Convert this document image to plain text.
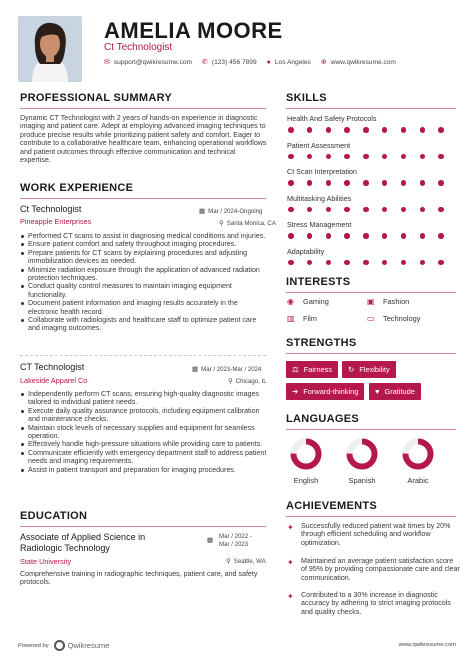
AMELIA MOORE
Ct Technologist
✉ support@qwikresume.com ✆ (123) 456 7899 ● Los Angeles ⊕ www.qwikresume.com
PROFESSIONAL SUMMARY
Dynamic CT Technologist with 2 years of hands-on experience in diagnostic imaging and patient care. Adept at employing advanced imaging techniques to produce precise results while prioritizing patient safety and comfort. Eager to contribute to a collaborative healthcare team, enhancing operational workflows and patient outcomes through effective communication and technical expertise.
WORK EXPERIENCE
Ct Technologist
Pineapple Enterprises
▦ Mar / 2024-Ongoing
⚲ Santa Monica, CA
Performed CT scans to assist in diagnosing medical conditions and injuries.
Ensure patient comfort and safety throughout imaging procedures.
Prepare patients for CT scans by explaining procedures and adjusting immobilization devices as needed.
Minimize radiation exposure through the application of advanced radiation protection techniques.
Conduct quality control measures to maintain imaging equipment functionality.
Document patient information and imaging results accurately in the electronic health record.
Collaborate with radiologists and healthcare staff to optimize patient care and imaging outcomes.
CT Technologist
Lakeside Apparel Co
▦ Mar / 2023-Mar / 2024
⚲ Chicago, IL
Independently perform CT scans, ensuring high-quality diagnostic images tailored to individual patient needs.
Execute daily quality assurance protocols, including equipment calibration and maintenance checks.
Maintain stock levels of necessary supplies and equipment for seamless operation.
Effectively handle high-pressure situations while providing care to patients.
Communicate efficiently with emergency department staff to address patient needs and imaging requirements.
Assist in patient transport and preparation for imaging procedures.
EDUCATION
Associate of Applied Science in
Radiologic Technology
State University
▦
Mar / 2022 -
Mar / 2023
⚲ Seattle, WA
Comprehensive training in radiographic techniques, patient care, and safety protocols.
SKILLS
Health And Safety Protocols
Patient Assessment
Ct Scan Interpretation
Multitasking Abilities
Stress Management
Adaptability
INTERESTS
◉	Gaming	▣	Fashion
▥	Film	▭	Technology
STRENGTHS
⚖ Fairness ↻ Flexibility
➜ Forward-thinking ♥ Gratitude
LANGUAGES
English	Spanish	Arabic
ACHIEVEMENTS
✦ Successfully reduced patient wait times by 20% through efficient scheduling and workflow optimization.
✦ Maintained an average patient satisfaction score of 95% by providing compassionate care and clear communication.
✦ Contributed to a 30% increase in diagnostic accuracy by adhering to strict imaging protocols and quality checks.
Powered by	Qwikresume	www.qwikresume.com
